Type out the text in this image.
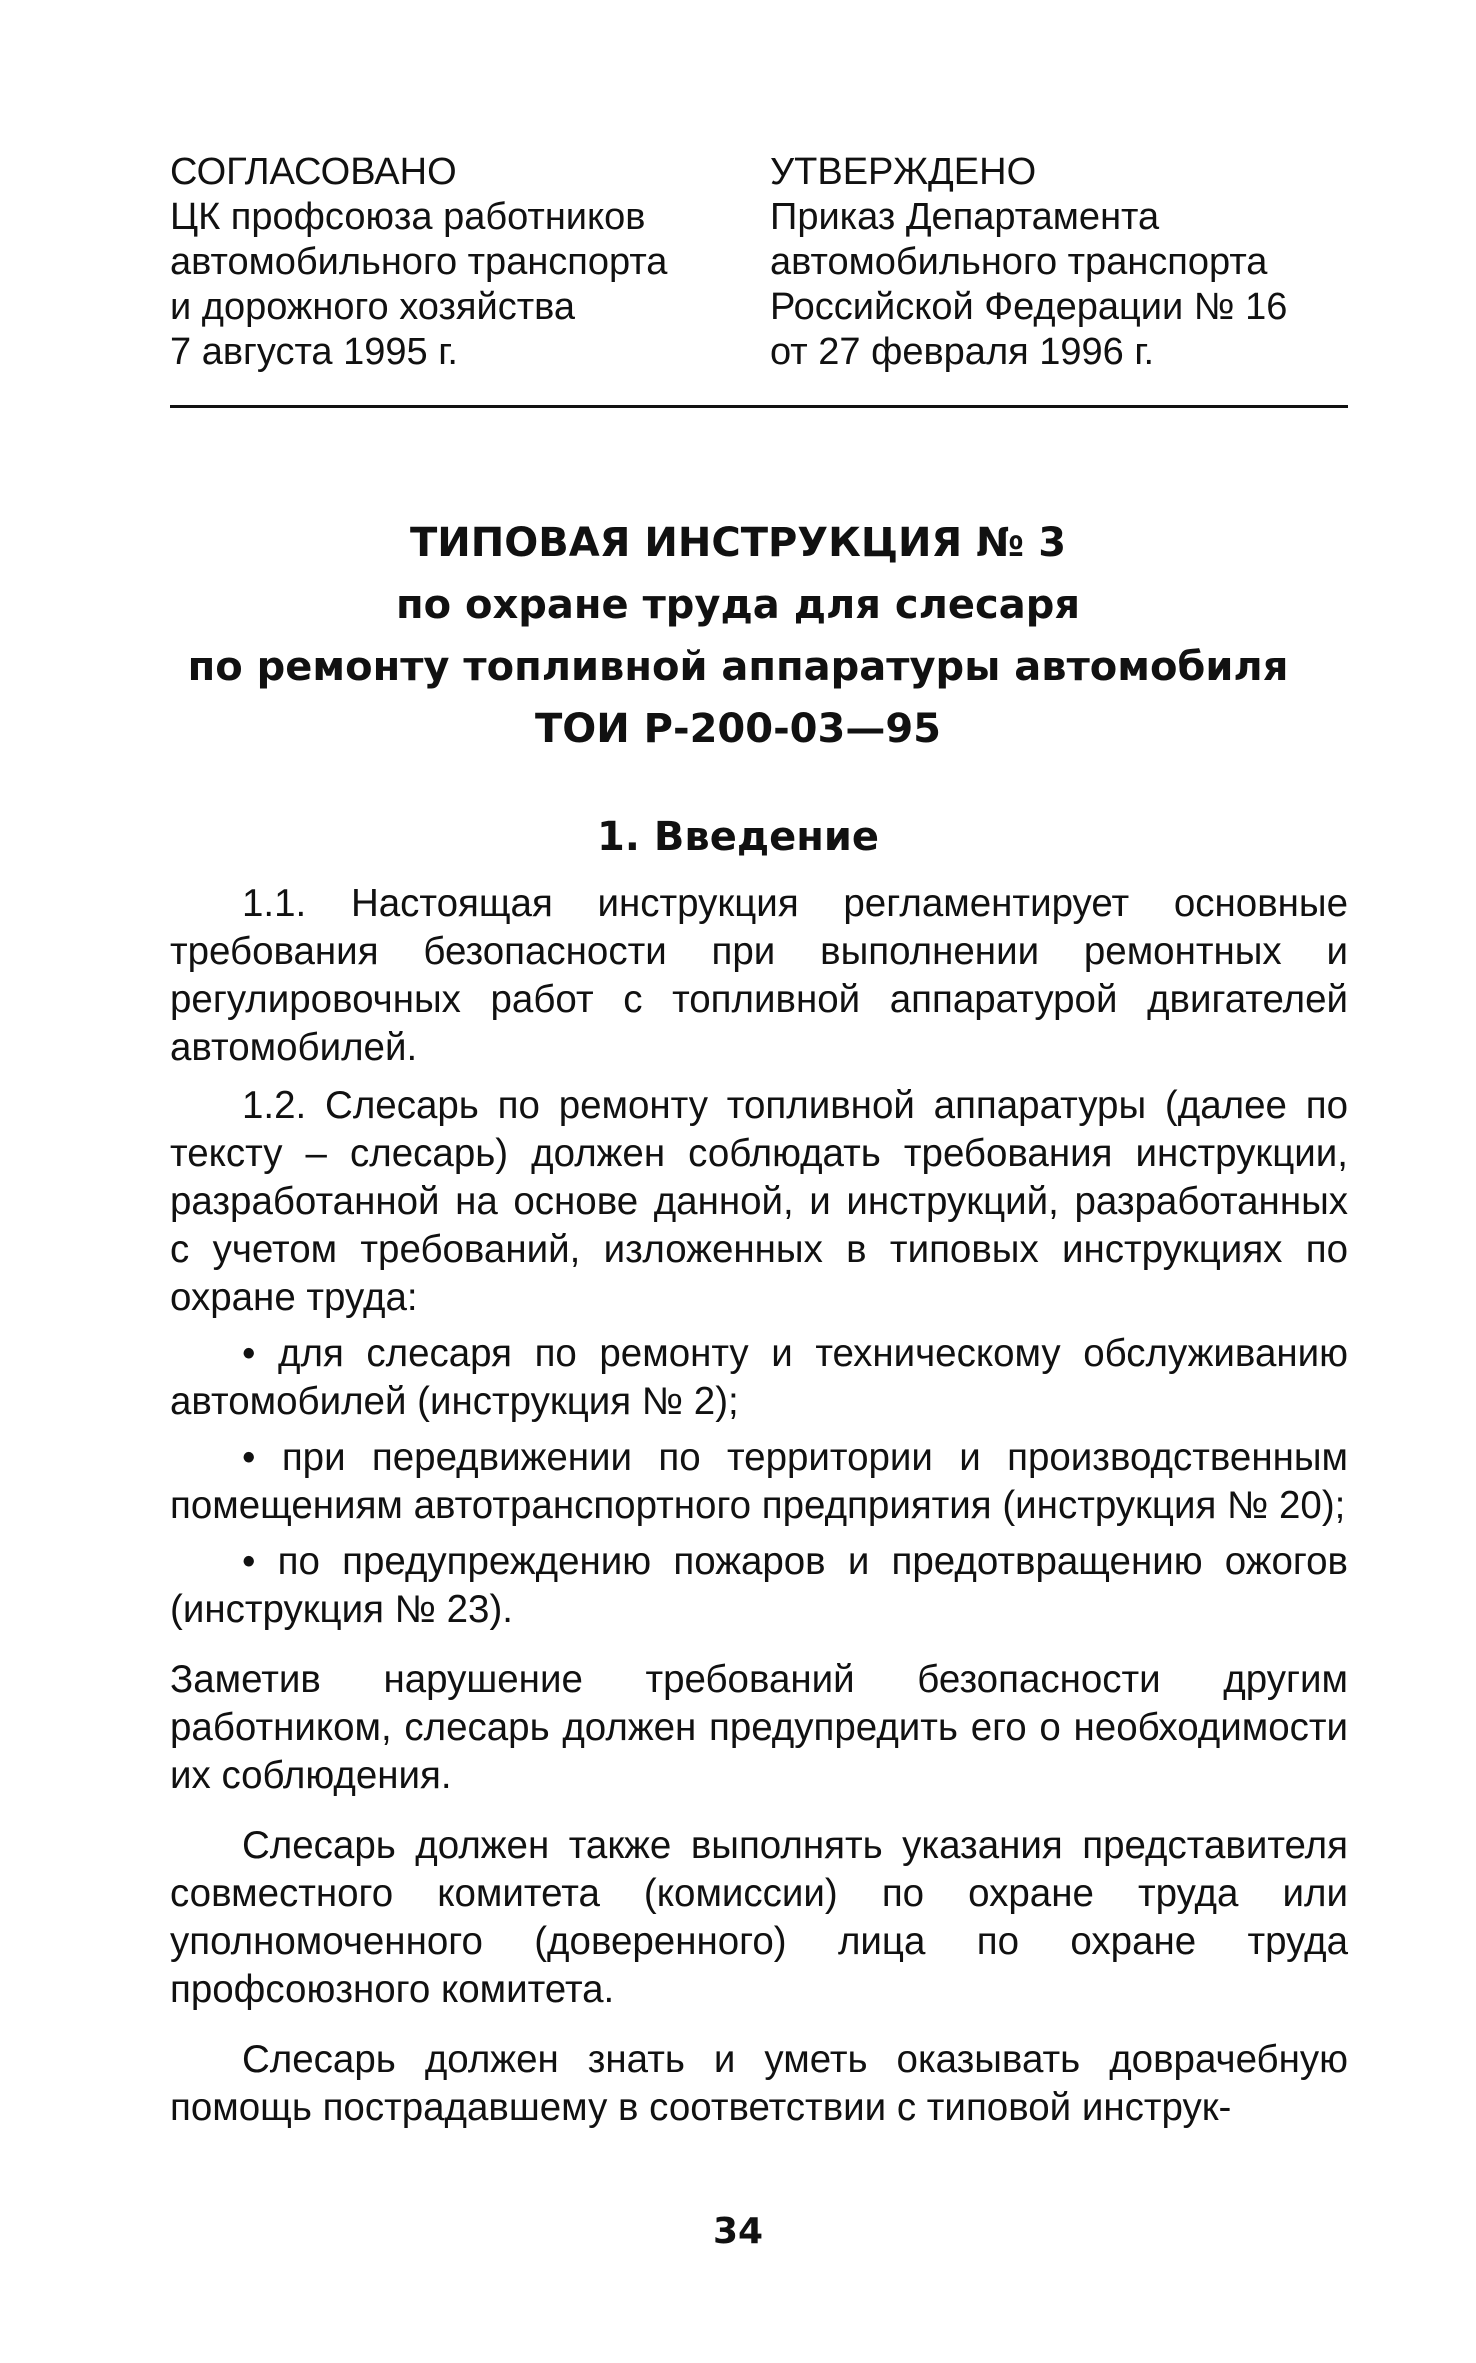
СОГЛАСОВАНО
ЦК профсоюза работников
автомобильного транспорта
и дорожного хозяйства
7 августа 1995 г.
УТВЕРЖДЕНО
Приказ Департамента
автомобильного транспорта
Российской Федерации № 16
от 27 февраля 1996 г.
ТИПОВАЯ ИНСТРУКЦИЯ № 3
по охране труда для слесаря
по ремонту топливной аппаратуры автомобиля
ТОИ Р-200-03—95
1. Введение

1.1. Настоящая инструкция регламентирует основные требования безопасности при выполнении ремонтных и регулировочных работ с топливной аппаратурой двигателей автомобилей.

1.2. Слесарь по ремонту топливной аппаратуры (далее по тексту – слесарь) должен соблюдать требования инструкции, разработанной на основе данной, и инструкций, разработанных с учетом требований, изложенных в типовых инструкциях по охране труда:

• для слесаря по ремонту и техническому обслуживанию автомобилей (инструкция № 2);

• при передвижении по территории и производственным помещениям автотранспортного предприятия (инструкция № 20);

• по предупреждению пожаров и предотвращению ожогов (инструкция № 23).

Заметив нарушение требований безопасности другим работником, слесарь должен предупредить его о необходимости их соблюдения.

Слесарь должен также выполнять указания представителя совместного комитета (комиссии) по охране труда или уполномоченного (доверенного) лица по охране труда профсоюзного комитета.

Слесарь должен знать и уметь оказывать доврачебную помощь пострадавшему в соответствии с типовой инструк-

34
